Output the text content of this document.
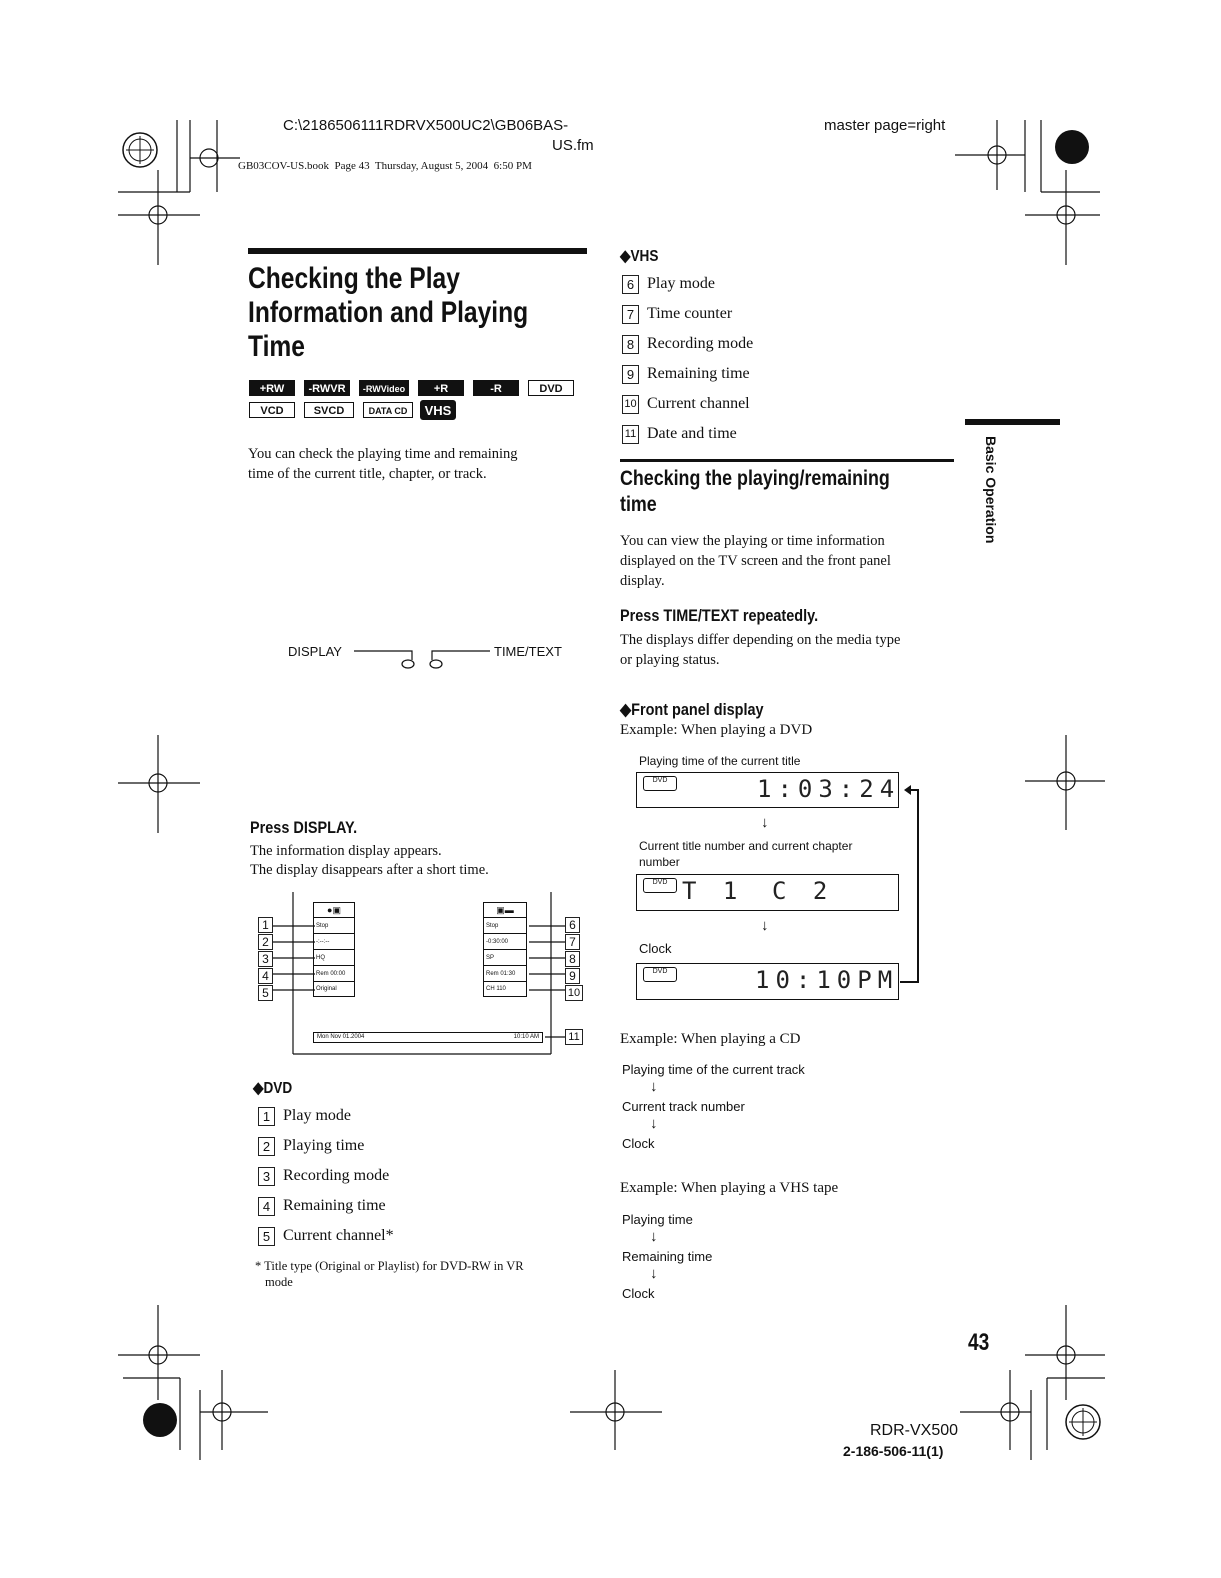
C:\2186506111RDRVX500UC2\GB06BAS-
US.fm
GB03COV-US.book  Page 43  Thursday, August 5, 2004  6:50 PM
master page=right
Checking the Play
Information and Playing
Time
+RW	-RWVR	-RWVideo	+R	-R	DVD
VCD	SVCD	DATA CD	VHS
You can check the playing time and remaining
time of the current title, chapter, or track.
DISPLAY	TIME/TEXT
Press DISPLAY.
The information display appears.
The display disappears after a short time.
●▣
Stop
-:--:--
HQ
Rem 00:00
Original
▣▬
Stop
-0:30:00
SP
Rem 01:30
CH 110
Mon Nov 01.2004	10:10 AM
1
2
3
4
5
6
7
8
9
10
11
◆DVD
1 Play mode
2 Playing time
3 Recording mode
4 Remaining time
5 Current channel*
* Title type (Original or Playlist) for DVD-RW in VR
mode
◆VHS
6 Play mode
7 Time counter
8 Recording mode
9 Remaining time
10 Current channel
11 Date and time
Checking the playing/remaining
time
You can view the playing or time information
displayed on the TV screen and the front panel
display.
Press TIME/TEXT repeatedly.
The displays differ depending on the media type
or playing status.
◆Front panel display
Example: When playing a DVD
Playing time of the current title
DVD	1:03:24
↓
Current title number and current chapter
number
DVD T 1 C 2
↓
Clock
DVD	10:10PM
Example: When playing a CD
Playing time of the current track
↓
Current track number
↓
Clock
Example: When playing a VHS tape
Playing time
↓
Remaining time
↓
Clock
Basic Operation
43
RDR-VX500
2-186-506-11(1)
